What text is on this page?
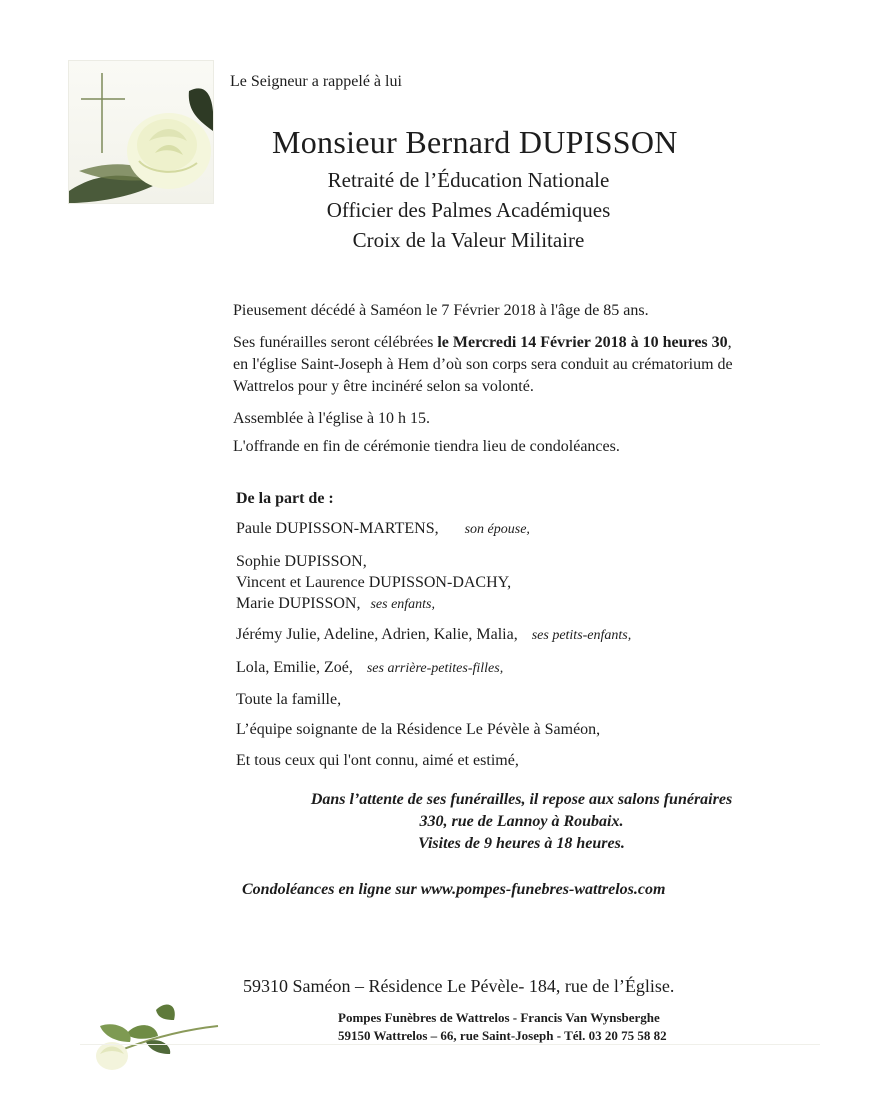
Le Seigneur a rappelé à lui
Monsieur Bernard DUPISSON
Retraité de l’Éducation Nationale
Officier des Palmes Académiques
Croix de la Valeur Militaire
Pieusement décédé à Saméon le 7 Février 2018 à l'âge de 85 ans.
Ses funérailles seront célébrées le Mercredi 14 Février 2018 à 10 heures 30,
en l'église Saint-Joseph à Hem d’où son corps sera conduit au crématorium de
Wattrelos pour y être incinéré selon sa volonté.
Assemblée à l'église à 10 h 15.
L'offrande en fin de cérémonie tiendra lieu de condoléances.
De la part de :
Paule DUPISSON-MARTENS, son épouse,
Sophie DUPISSON,
Vincent et Laurence DUPISSON-DACHY,
Marie DUPISSON, ses enfants,
Jérémy Julie, Adeline, Adrien, Kalie, Malia, ses petits-enfants,
Lola, Emilie, Zoé, ses arrière-petites-filles,
Toute la famille,
L’équipe soignante de la Résidence Le Pévèle à Saméon,
Et tous ceux qui l'ont connu, aimé et estimé,
Dans l’attente de ses funérailles, il repose aux salons funéraires
330, rue de Lannoy à Roubaix.
Visites de 9 heures à 18 heures.
Condoléances en ligne sur www.pompes-funebres-wattrelos.com
59310 Saméon – Résidence Le Pévèle- 184, rue de l’Église.
Pompes Funèbres de Wattrelos - Francis Van Wynsberghe
59150 Wattrelos – 66, rue Saint-Joseph - Tél. 03 20 75 58 82
